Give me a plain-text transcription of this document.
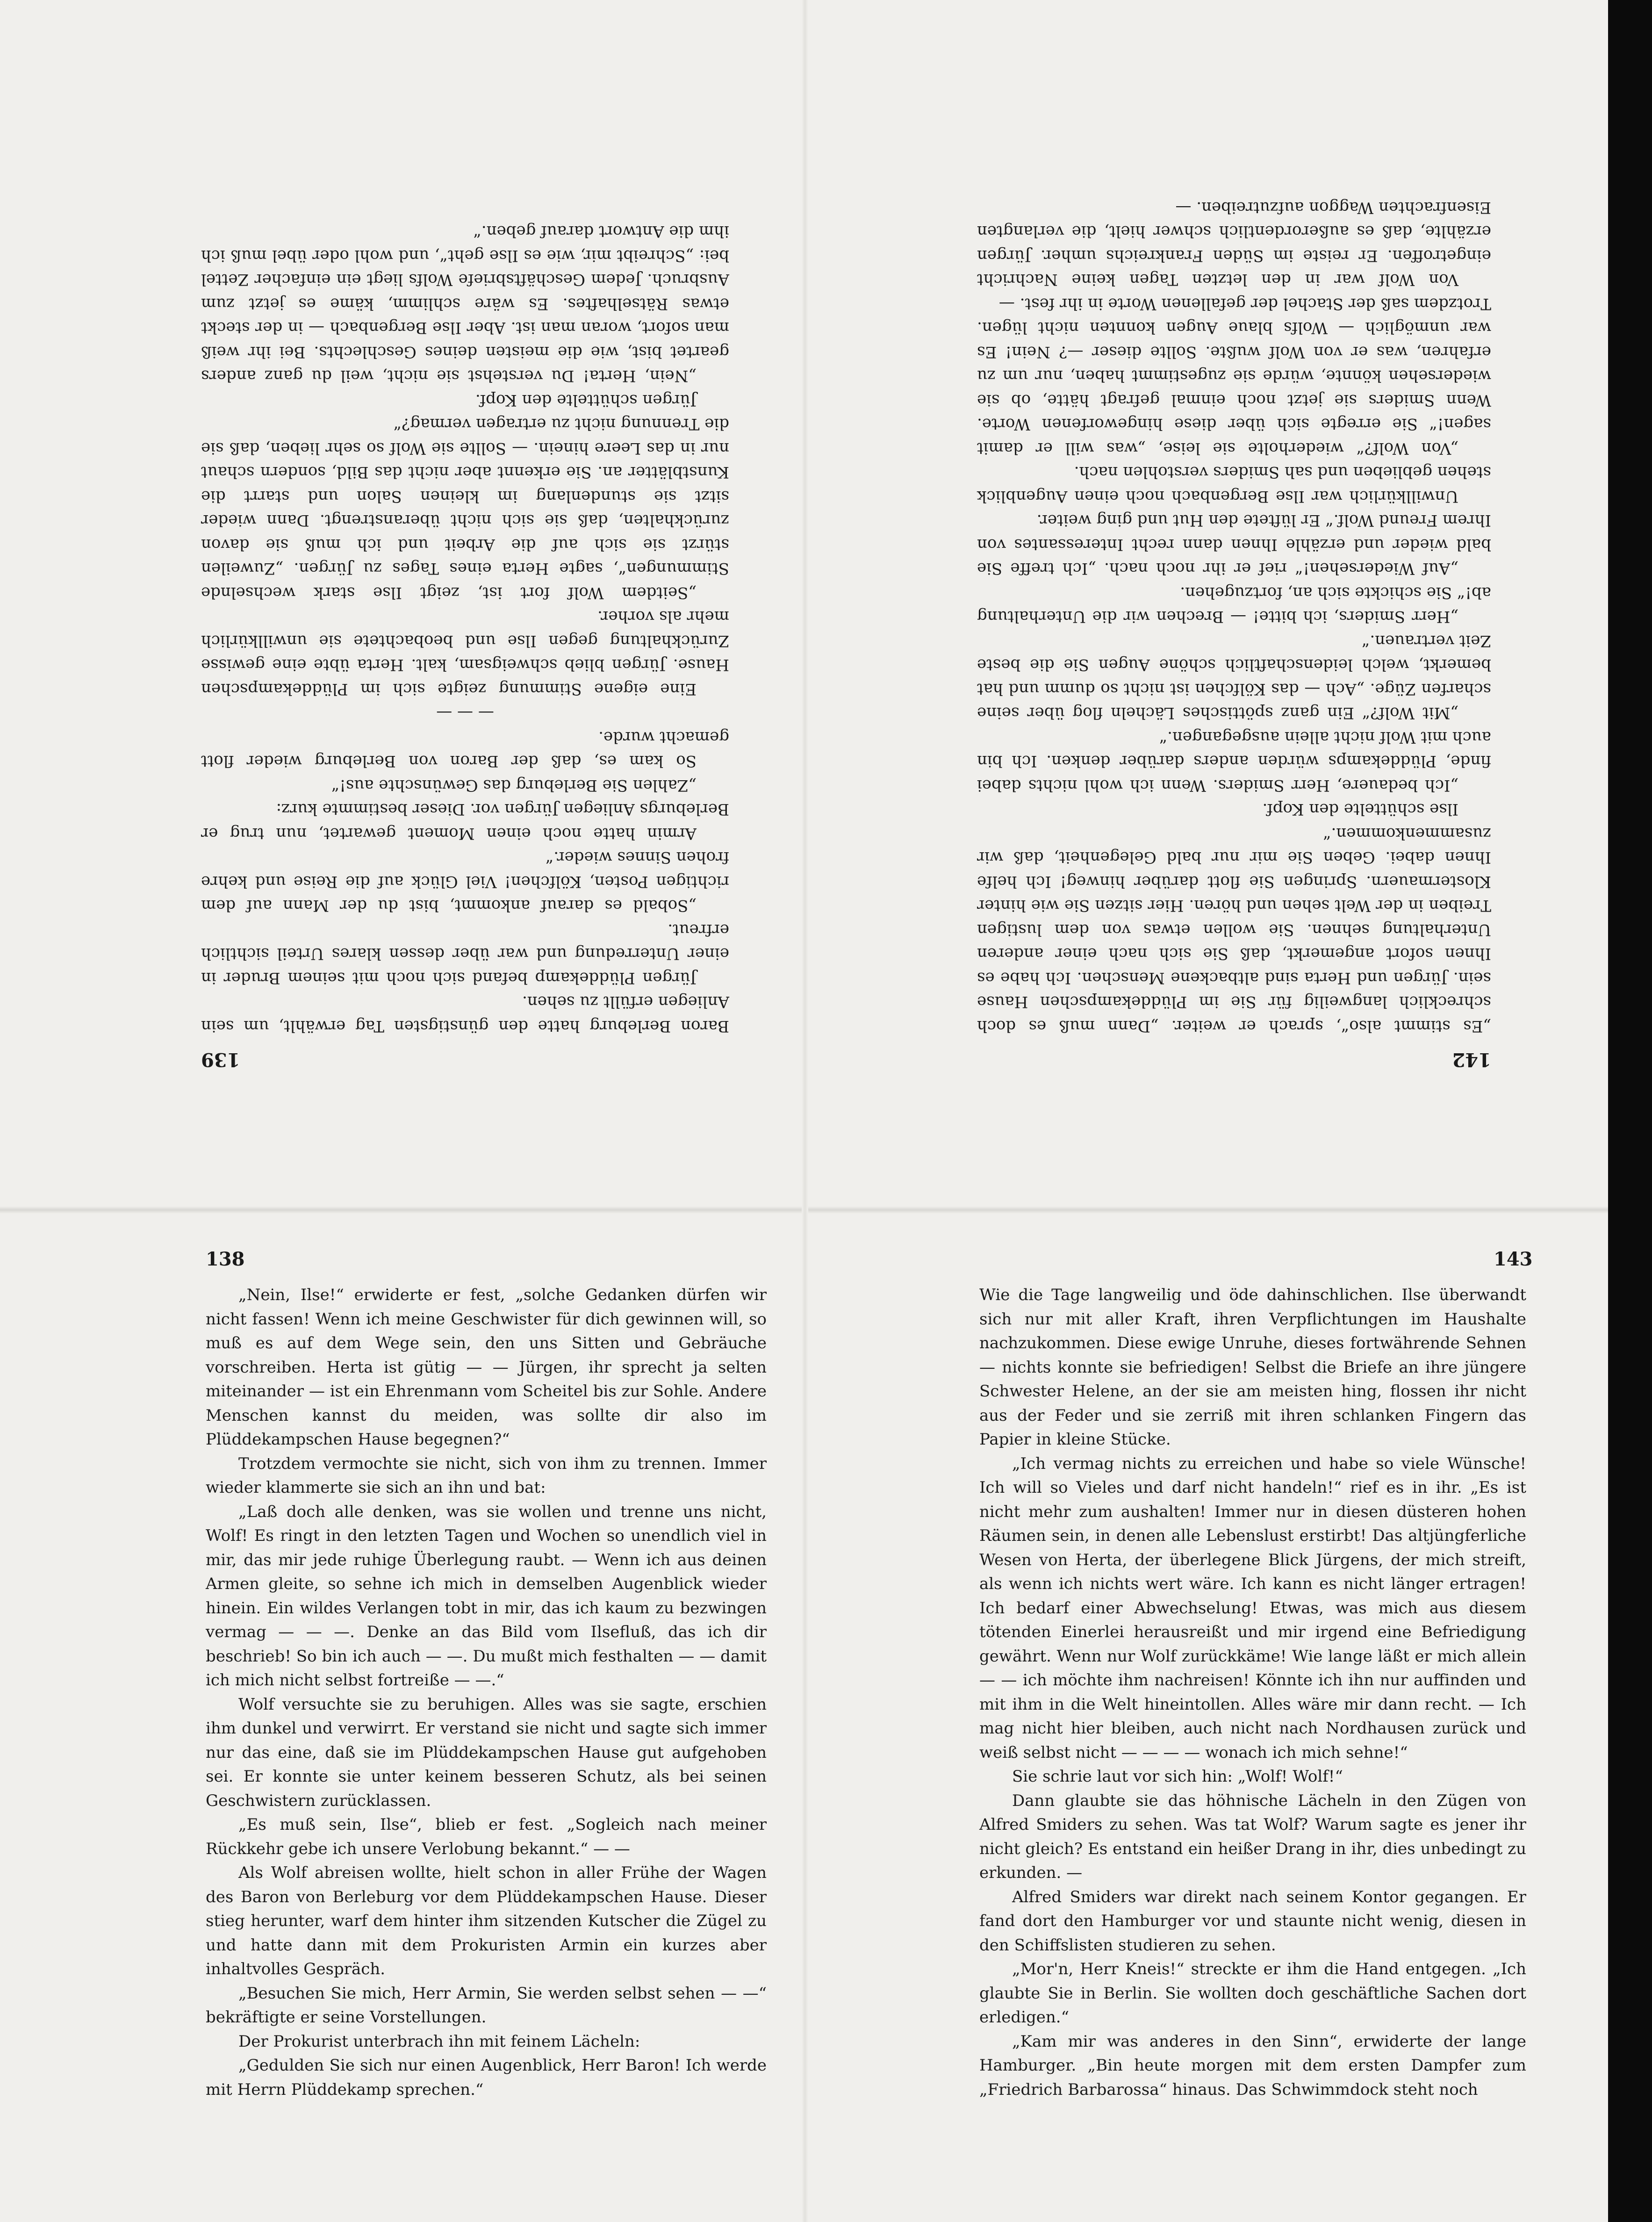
142

„Es stimmt also“, sprach er weiter. „Dann muß es doch schrecklich langweilig für Sie im Plüddekampschen Hause sein. Jürgen und Herta sind altbackene Menschen. Ich habe es Ihnen sofort angemerkt, daß Sie sich nach einer anderen Unterhaltung sehnen. Sie wollen etwas von dem lustigen Treiben in der Welt sehen und hören. Hier sitzen Sie wie hinter Klostermauern. Springen Sie flott darüber hinweg! Ich helfe Ihnen dabei. Geben Sie mir nur bald Gelegenheit, daß wir zusammenkommen.“

Ilse schüttelte den Kopf.

„Ich bedauere, Herr Smiders. Wenn ich wohl nichts dabei finde, Plüddekamps würden anders darüber denken. Ich bin auch mit Wolf nicht allein ausgegangen.“

„Mit Wolf?“ Ein ganz spöttisches Lächeln flog über seine scharfen Züge. „Ach — das Kölfchen ist nicht so dumm und hat bemerkt, welch leidenschaftlich schöne Augen Sie die beste Zeit vertrauen.“

„Herr Smiders, ich bitte! — Brechen wir die Unterhaltung ab!“ Sie schickte sich an, fortzugehen.

„Auf Wiedersehen!“ rief er ihr noch nach. „Ich treffe Sie bald wieder und erzähle Ihnen dann recht Interessantes von Ihrem Freund Wolf.“ Er lüftete den Hut und ging weiter.

Unwillkürlich war Ilse Bergenbach noch einen Augenblick stehen geblieben und sah Smiders verstohlen nach.

„Von Wolf?“ wiederholte sie leise, „was will er damit sagen!“ Sie erregte sich über diese hingeworfenen Worte. Wenn Smiders sie jetzt noch einmal gefragt hätte, ob sie wiedersehen könnte, würde sie zugestimmt haben, nur um zu erfahren, was er von Wolf wußte. Sollte dieser —? Nein! Es war unmöglich — Wolfs blaue Augen konnten nicht lügen. Trotzdem saß der Stachel der gefallenen Worte in ihr fest. —

Von Wolf war in den letzten Tagen keine Nachricht eingetroffen. Er reiste im Süden Frankreichs umher. Jürgen erzählte, daß es außerordentlich schwer hielt, die verlangten Eisenfrachten Waggon aufzutreiben. —

139

Baron Berleburg hatte den günstigsten Tag erwählt, um sein Anliegen erfüllt zu sehen.

Jürgen Plüddekamp befand sich noch mit seinem Bruder in einer Unterredung und war über dessen klares Urteil sichtlich erfreut.

„Sobald es darauf ankommt, bist du der Mann auf dem richtigen Posten, Kölfchen! Viel Glück auf die Reise und kehre frohen Sinnes wieder.“

Armin hatte noch einen Moment gewartet, nun trug er Berleburgs Anliegen Jürgen vor. Dieser bestimmte kurz:

„Zahlen Sie Berleburg das Gewünschte aus!“

So kam es, daß der Baron von Berleburg wieder flott gemacht wurde.

— — —

Eine eigene Stimmung zeigte sich im Plüddekampschen Hause. Jürgen blieb schweigsam, kalt. Herta übte eine gewisse Zurückhaltung gegen Ilse und beobachtete sie unwillkürlich mehr als vorher.

„Seitdem Wolf fort ist, zeigt Ilse stark wechselnde Stimmungen“, sagte Herta eines Tages zu Jürgen. „Zuweilen stürzt sie sich auf die Arbeit und ich muß sie davon zurückhalten, daß sie sich nicht überanstrengt. Dann wieder sitzt sie stundenlang im kleinen Salon und starrt die Kunstblätter an. Sie erkennt aber nicht das Bild, sondern schaut nur in das Leere hinein. — Sollte sie Wolf so sehr lieben, daß sie die Trennung nicht zu ertragen vermag?“

Jürgen schüttelte den Kopf.

„Nein, Herta! Du verstehst sie nicht, weil du ganz anders geartet bist, wie die meisten deines Geschlechts. Bei ihr weiß man sofort, woran man ist. Aber Ilse Bergenbach — in der steckt etwas Rätselhaftes. Es wäre schlimm, käme es jetzt zum Ausbruch. Jedem Geschäftsbriefe Wolfs liegt ein einfacher Zettel bei: „Schreibt mir, wie es Ilse geht“, und wohl oder übel muß ich ihm die Antwort darauf geben.“

138

„Nein, Ilse!“ erwiderte er fest, „solche Gedanken dürfen wir nicht fassen! Wenn ich meine Geschwister für dich gewinnen will, so muß es auf dem Wege sein, den uns Sitten und Gebräuche vorschreiben. Herta ist gütig — — Jürgen, ihr sprecht ja selten miteinander — ist ein Ehrenmann vom Scheitel bis zur Sohle. Andere Menschen kannst du meiden, was sollte dir also im Plüddekampschen Hause begegnen?“

Trotzdem vermochte sie nicht, sich von ihm zu trennen. Immer wieder klammerte sie sich an ihn und bat:

„Laß doch alle denken, was sie wollen und trenne uns nicht, Wolf! Es ringt in den letzten Tagen und Wochen so unendlich viel in mir, das mir jede ruhige Überlegung raubt. — Wenn ich aus deinen Armen gleite, so sehne ich mich in demselben Augenblick wieder hinein. Ein wildes Verlangen tobt in mir, das ich kaum zu bezwingen vermag — — —. Denke an das Bild vom Ilsefluß, das ich dir beschrieb! So bin ich auch — —. Du mußt mich festhalten — — damit ich mich nicht selbst fortreiße — —.“

Wolf versuchte sie zu beruhigen. Alles was sie sagte, erschien ihm dunkel und verwirrt. Er verstand sie nicht und sagte sich immer nur das eine, daß sie im Plüddekampschen Hause gut aufgehoben sei. Er konnte sie unter keinem besseren Schutz, als bei seinen Geschwistern zurücklassen.

„Es muß sein, Ilse“, blieb er fest. „Sogleich nach meiner Rückkehr gebe ich unsere Verlobung bekannt.“ — —

Als Wolf abreisen wollte, hielt schon in aller Frühe der Wagen des Baron von Berleburg vor dem Plüddekampschen Hause. Dieser stieg herunter, warf dem hinter ihm sitzenden Kutscher die Zügel zu und hatte dann mit dem Prokuristen Armin ein kurzes aber inhaltvolles Gespräch.

„Besuchen Sie mich, Herr Armin, Sie werden selbst sehen — —“ bekräftigte er seine Vorstellungen.

Der Prokurist unterbrach ihn mit feinem Lächeln:

„Gedulden Sie sich nur einen Augenblick, Herr Baron! Ich werde mit Herrn Plüddekamp sprechen.“

143

Wie die Tage langweilig und öde dahinschlichen. Ilse überwandt sich nur mit aller Kraft, ihren Verpflichtungen im Haushalte nachzukommen. Diese ewige Unruhe, dieses fortwährende Sehnen — nichts konnte sie befriedigen! Selbst die Briefe an ihre jüngere Schwester Helene, an der sie am meisten hing, flossen ihr nicht aus der Feder und sie zerriß mit ihren schlanken Fingern das Papier in kleine Stücke.

„Ich vermag nichts zu erreichen und habe so viele Wünsche! Ich will so Vieles und darf nicht handeln!“ rief es in ihr. „Es ist nicht mehr zum aushalten! Immer nur in diesen düsteren hohen Räumen sein, in denen alle Lebenslust erstirbt! Das altjüngferliche Wesen von Herta, der überlegene Blick Jürgens, der mich streift, als wenn ich nichts wert wäre. Ich kann es nicht länger ertragen! Ich bedarf einer Abwechselung! Etwas, was mich aus diesem tötenden Einerlei herausreißt und mir irgend eine Befriedigung gewährt. Wenn nur Wolf zurückkäme! Wie lange läßt er mich allein — — ich möchte ihm nachreisen! Könnte ich ihn nur auffinden und mit ihm in die Welt hineintollen. Alles wäre mir dann recht. — Ich mag nicht hier bleiben, auch nicht nach Nordhausen zurück und weiß selbst nicht — — — — wonach ich mich sehne!“

Sie schrie laut vor sich hin: „Wolf! Wolf!“

Dann glaubte sie das höhnische Lächeln in den Zügen von Alfred Smiders zu sehen. Was tat Wolf? Warum sagte es jener ihr nicht gleich? Es entstand ein heißer Drang in ihr, dies unbedingt zu erkunden. —

Alfred Smiders war direkt nach seinem Kontor gegangen. Er fand dort den Hamburger vor und staunte nicht wenig, diesen in den Schiffslisten studieren zu sehen.

„Mor'n, Herr Kneis!“ streckte er ihm die Hand entgegen. „Ich glaubte Sie in Berlin. Sie wollten doch geschäftliche Sachen dort erledigen.“

„Kam mir was anderes in den Sinn“, erwiderte der lange Hamburger. „Bin heute morgen mit dem ersten Dampfer zum „Friedrich Barbarossa“ hinaus. Das Schwimmdock steht noch
